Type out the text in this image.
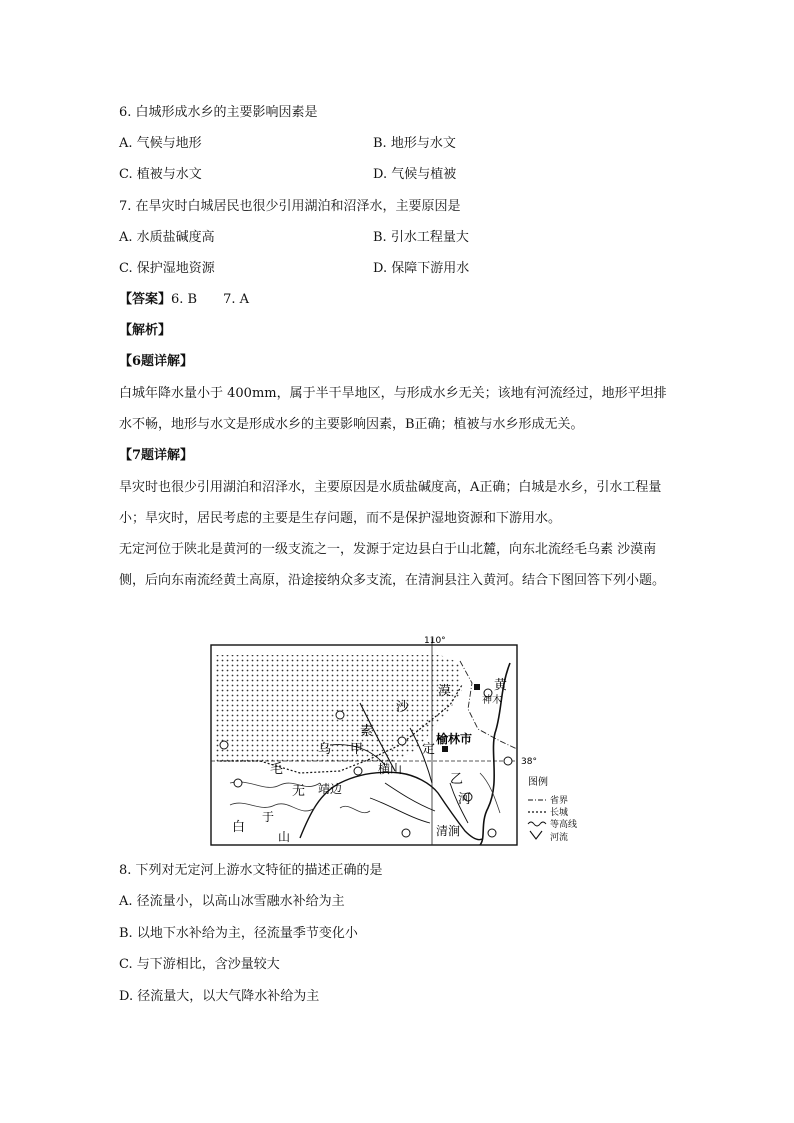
6. 白城形成水乡的主要影响因素是
A. 气候与地形	B. 地形与水文
C. 植被与水文	D. 气候与植被
7. 在旱灾时白城居民也很少引用湖泊和沼泽水，主要原因是
A. 水质盐碱度高	B. 引水工程量大
C. 保护湿地资源	D. 保障下游用水
【答案】6. B　　7. A
【解析】
【6题详解】
白城年降水量小于 400mm，属于半干旱地区，与形成水乡无关；该地有河流经过，地形平坦排水不畅，地形与水文是形成水乡的主要影响因素，B正确；植被与水乡形成无关。
【7题详解】
旱灾时也很少引用湖泊和沼泽水，主要原因是水质盐碱度高，A正确；白城是水乡，引水工程量小；旱灾时，居民考虑的主要是生存问题，而不是保护湿地资源和下游用水。
无定河位于陕北是黄河的一级支流之一，发源于定边县白于山北麓，向东北流经毛乌素 沙漠南侧，后向东南流经黄土高原，沿途接纳众多支流，在清涧县注入黄河。结合下图回答下列小题。
110°
38°
漠	黄
神木
沙
素
乌 甲	定
榆林市
毛	横山
无 靖边
乙
河
白
于
山	清涧
图例
省界
长城
等高线
河流
8. 下列对无定河上游水文特征的描述正确的是
A. 径流量小，以高山冰雪融水补给为主
B. 以地下水补给为主，径流量季节变化小
C. 与下游相比，含沙量较大
D. 径流量大，以大气降水补给为主
